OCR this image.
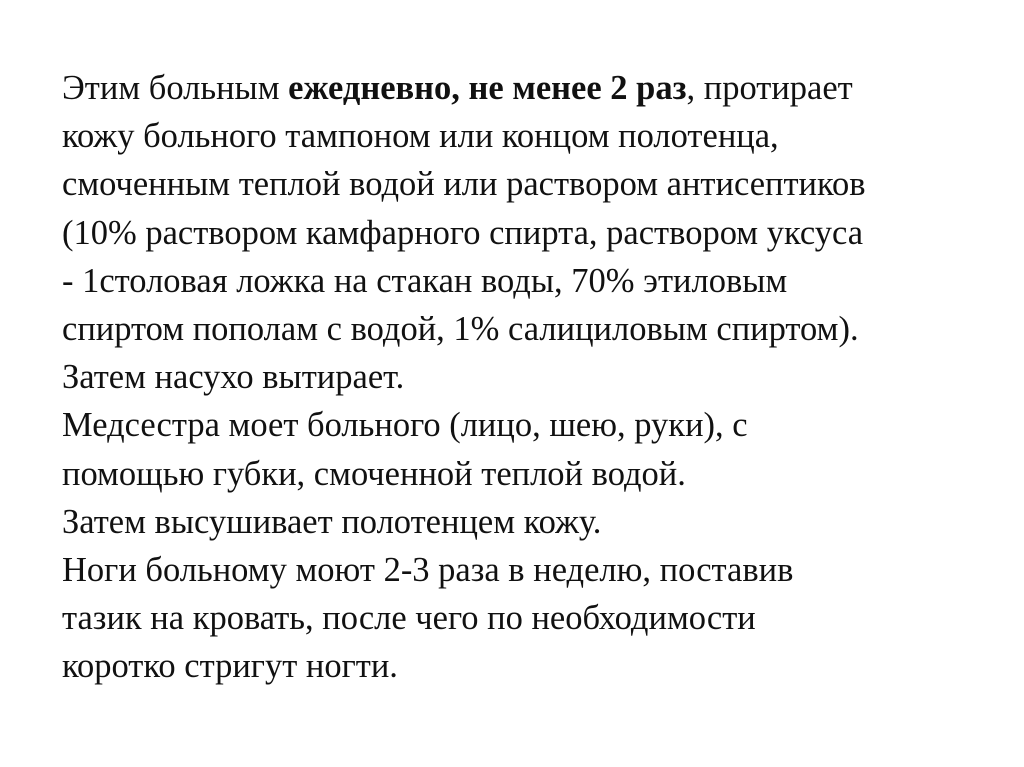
Этим больным ежедневно, не менее 2 раз, протирает
кожу больного тампоном или концом полотенца,
смоченным теплой водой или раствором антисептиков
(10% раствором камфарного спирта, раствором уксуса
- 1столовая ложка на стакан воды, 70% этиловым
спиртом пополам с водой, 1% салициловым спиртом).
Затем насухо вытирает.
Медсестра моет больного (лицо, шею, руки), с
помощью губки, смоченной теплой водой.
Затем высушивает полотенцем кожу.
Ноги больному моют 2-3 раза в неделю, поставив
тазик на кровать, после чего по необходимости
коротко стригут ногти.
